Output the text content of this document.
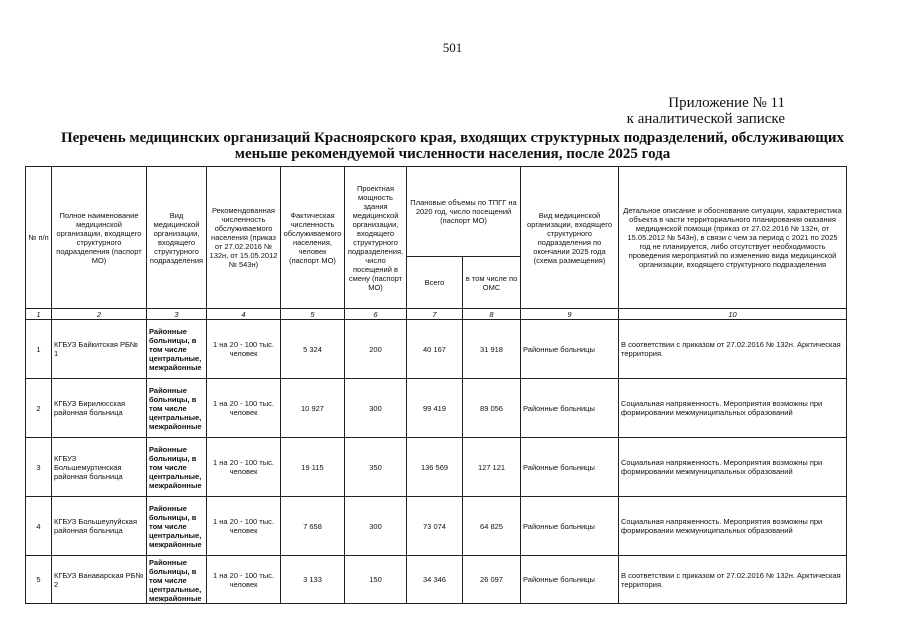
501
Приложение № 11
к аналитической записке
Перечень медицинских организаций Красноярского края, входящих структурных подразделений, обслуживающих
меньше рекомендуемой численности населения, после 2025 года
№ п/п	Полное наименование медицинской организации, входящего структурного подразделения (паспорт МО)	Вид медицинской организации, входящего структурного подразделения	Рекомендованная численность обслуживаемого населения (приказ от 27.02.2016 № 132н, от 15.05.2012 № 543н)	Фактическая численность обслуживаемого населения, человек (паспорт МО)	Проектная мощность здания медицинской организации, входящего структурного подразделения, число посещений в смену (паспорт МО)	Плановые объемы по ТПГГ на 2020 год, число посещений (паспорт МО)		Вид медицинской организации, входящего структурного подразделения по окончании 2025 года (схема размещения)	Детальное описание и обоснование ситуации, характеристика объекта в части территориального планирования оказания медицинской помощи (приказ от 27.02.2016 № 132н, от 15.05.2012 № 543н), в связи с чем за период с 2021 по 2025 год не планируется, либо отсутствует необходимость проведения мероприятий по изменению вида медицинской организации, входящего структурного подразделения
						Всего	в том числе по ОМС		
1	2	3	4	5	6	7	8	9	10
1	КГБУЗ Байкитская РБ№ 1	Районные больницы, в том числе центральные, межрайонные	1 на 20 - 100 тыс. человек	5 324	200	40 167	31 918	Районные больницы	В соответствии с приказом от 27.02.2016 № 132н. Арктическая территория.
2	КГБУЗ Бирилюсская районная больница	Районные больницы, в том числе центральные, межрайонные	1 на 20 - 100 тыс. человек	10 927	300	99 419	89 056	Районные больницы	Социальная напряженность. Мероприятия возможны при формировании межмуниципальных образований
3	КГБУЗ Большемуртинская районная больница	Районные больницы, в том числе центральные, межрайонные	1 на 20 - 100 тыс. человек	19 115	350	136 569	127 121	Районные больницы	Социальная напряженность. Мероприятия возможны при формировании межмуниципальных образований
4	КГБУЗ Большеулуйская районная больница	Районные больницы, в том числе центральные, межрайонные	1 на 20 - 100 тыс. человек	7 658	300	73 074	64 825	Районные больницы	Социальная напряженность. Мероприятия возможны при формировании межмуниципальных образований
5	КГБУЗ Ванаварская РБ№ 2	Районные больницы, в том числе центральные, межрайонные	1 на 20 - 100 тыс. человек	3 133	150	34 346	26 097	Районные больницы	В соответствии с приказом от 27.02.2016 № 132н. Арктическая территория.
